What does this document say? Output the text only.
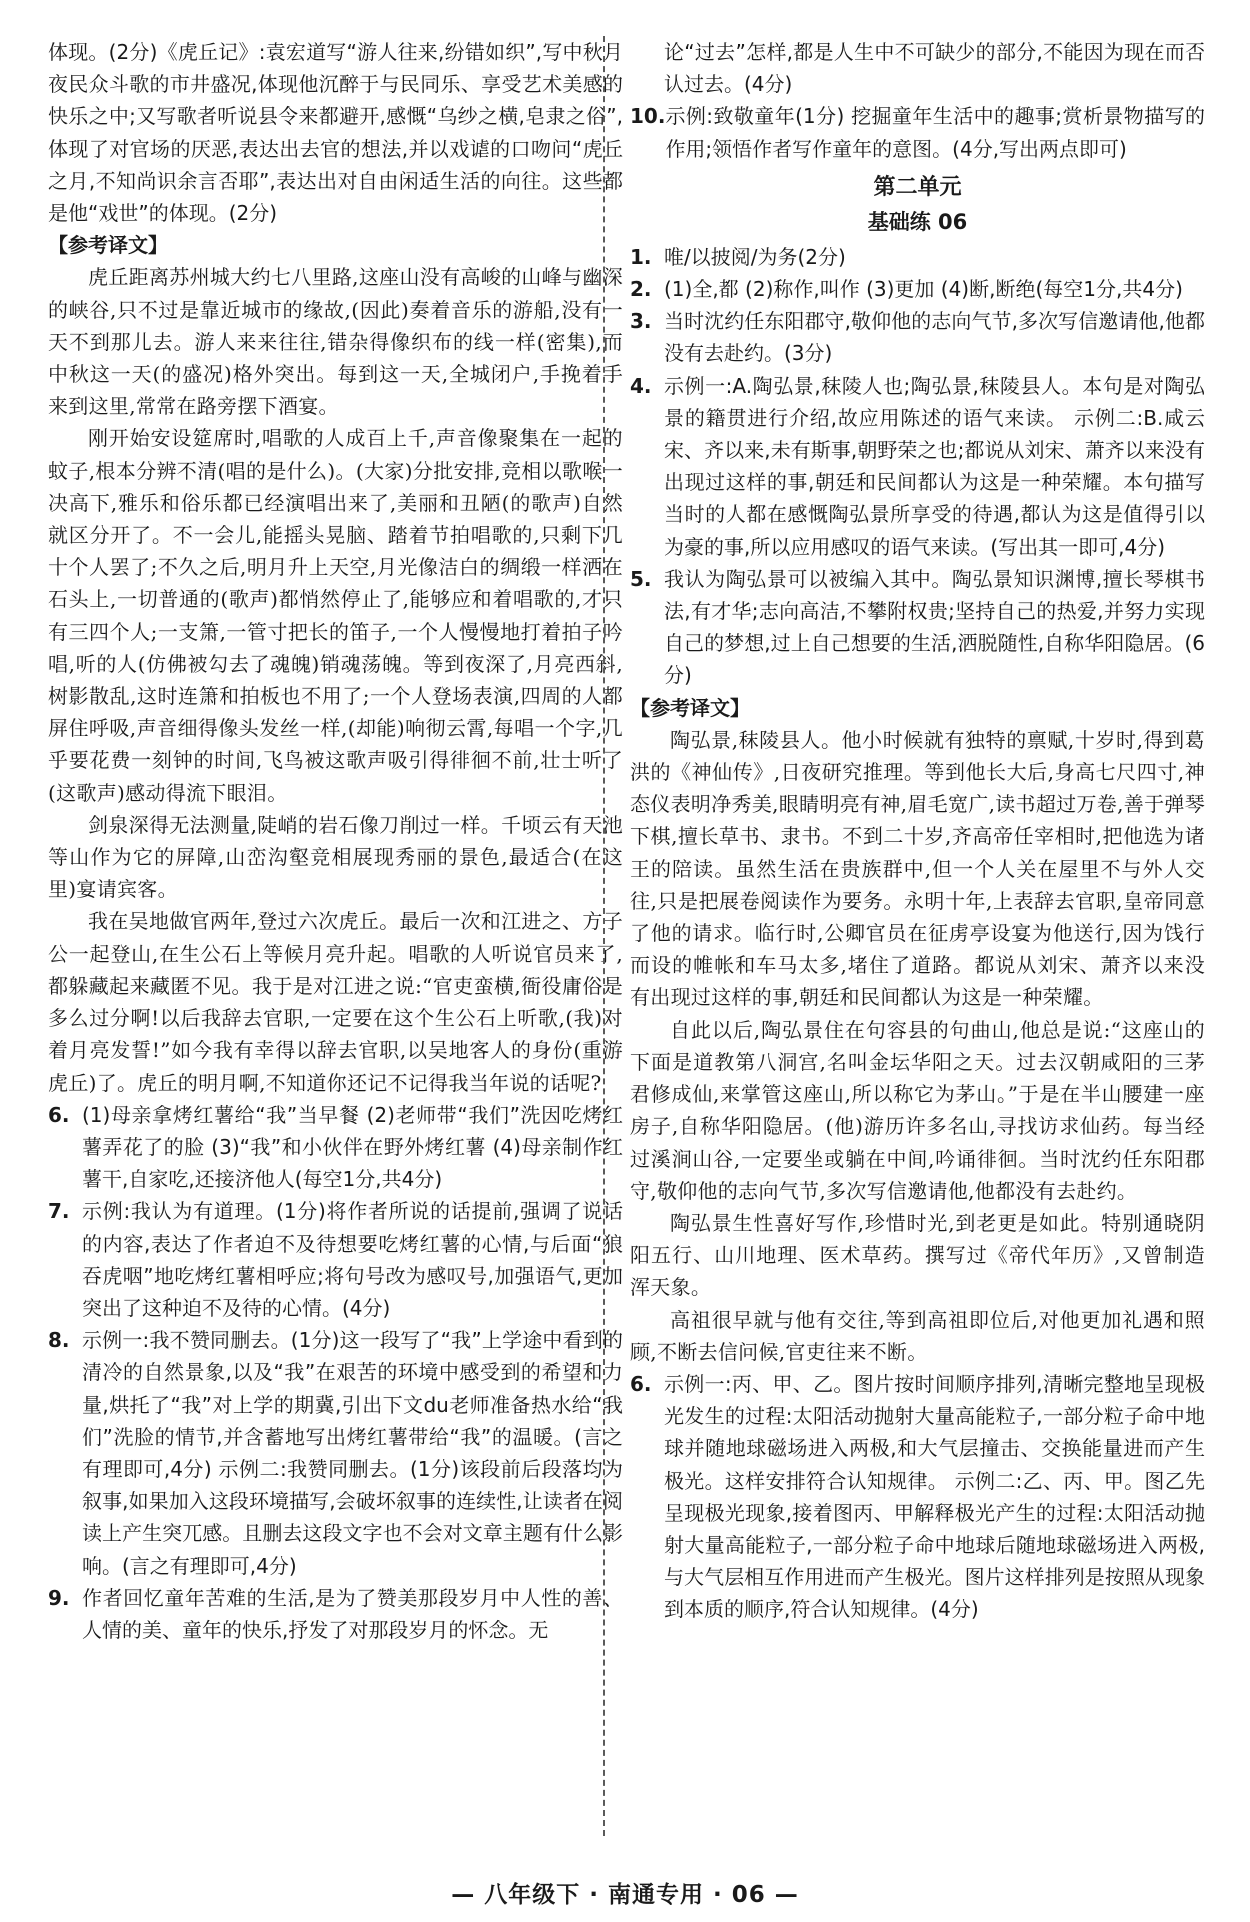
体现。(2分)《虎丘记》:袁宏道写“游人往来,纷错如织”,写中秋月夜民众斗歌的市井盛况,体现他沉醉于与民同乐、享受艺术美感的快乐之中;又写歌者听说县令来都避开,感慨“乌纱之横,皂隶之俗”,体现了对官场的厌恶,表达出去官的想法,并以戏谑的口吻问“虎丘之月,不知尚识余言否耶”,表达出对自由闲适生活的向往。这些都是他“戏世”的体现。(2分)

【参考译文】

虎丘距离苏州城大约七八里路,这座山没有高峻的山峰与幽深的峡谷,只不过是靠近城市的缘故,(因此)奏着音乐的游船,没有一天不到那儿去。游人来来往往,错杂得像织布的线一样(密集),而中秋这一天(的盛况)格外突出。每到这一天,全城闭户,手挽着手来到这里,常常在路旁摆下酒宴。

刚开始安设筵席时,唱歌的人成百上千,声音像聚集在一起的蚊子,根本分辨不清(唱的是什么)。(大家)分批安排,竞相以歌喉一决高下,雅乐和俗乐都已经演唱出来了,美丽和丑陋(的歌声)自然就区分开了。不一会儿,能摇头晃脑、踏着节拍唱歌的,只剩下几十个人罢了;不久之后,明月升上天空,月光像洁白的绸缎一样洒在石头上,一切普通的(歌声)都悄然停止了,能够应和着唱歌的,才只有三四个人;一支箫,一管寸把长的笛子,一个人慢慢地打着拍子吟唱,听的人(仿佛被勾去了魂魄)销魂荡魄。等到夜深了,月亮西斜,树影散乱,这时连箫和拍板也不用了;一个人登场表演,四周的人都屏住呼吸,声音细得像头发丝一样,(却能)响彻云霄,每唱一个字,几乎要花费一刻钟的时间,飞鸟被这歌声吸引得徘徊不前,壮士听了(这歌声)感动得流下眼泪。

剑泉深得无法测量,陡峭的岩石像刀削过一样。千顷云有天池等山作为它的屏障,山峦沟壑竞相展现秀丽的景色,最适合(在这里)宴请宾客。

我在吴地做官两年,登过六次虎丘。最后一次和江进之、方子公一起登山,在生公石上等候月亮升起。唱歌的人听说官员来了,都躲藏起来藏匿不见。我于是对江进之说:“官吏蛮横,衙役庸俗是多么过分啊!以后我辞去官职,一定要在这个生公石上听歌,(我)对着月亮发誓!”如今我有幸得以辞去官职,以吴地客人的身份(重游虎丘)了。虎丘的明月啊,不知道你还记不记得我当年说的话呢?

6. (1)母亲拿烤红薯给“我”当早餐 (2)老师带“我们”洗因吃烤红薯弄花了的脸 (3)“我”和小伙伴在野外烤红薯 (4)母亲制作红薯干,自家吃,还接济他人(每空1分,共4分)
7. 示例:我认为有道理。(1分)将作者所说的话提前,强调了说话的内容,表达了作者迫不及待想要吃烤红薯的心情,与后面“狼吞虎咽”地吃烤红薯相呼应;将句号改为感叹号,加强语气,更加突出了这种迫不及待的心情。(4分)
8. 示例一:我不赞同删去。(1分)这一段写了“我”上学途中看到的清冷的自然景象,以及“我”在艰苦的环境中感受到的希望和力量,烘托了“我”对上学的期冀,引出下文du老师准备热水给“我们”洗脸的情节,并含蓄地写出烤红薯带给“我”的温暖。(言之有理即可,4分) 示例二:我赞同删去。(1分)该段前后段落均为叙事,如果加入这段环境描写,会破坏叙事的连续性,让读者在阅读上产生突兀感。且删去这段文字也不会对文章主题有什么影响。(言之有理即可,4分)
9. 作者回忆童年苦难的生活,是为了赞美那段岁月中人性的善、人情的美、童年的快乐,抒发了对那段岁月的怀念。无

论“过去”怎样,都是人生中不可缺少的部分,不能因为现在而否认过去。(4分)

10. 示例:致敬童年(1分) 挖掘童年生活中的趣事;赏析景物描写的作用;领悟作者写作童年的意图。(4分,写出两点即可)

第二单元

基础练 06

1. 唯/以披阅/为务(2分)
2. (1)全,都 (2)称作,叫作 (3)更加 (4)断,断绝(每空1分,共4分)
3. 当时沈约任东阳郡守,敬仰他的志向气节,多次写信邀请他,他都没有去赴约。(3分)
4. 示例一:A.陶弘景,秣陵人也;陶弘景,秣陵县人。本句是对陶弘景的籍贯进行介绍,故应用陈述的语气来读。 示例二:B.咸云宋、齐以来,未有斯事,朝野荣之也;都说从刘宋、萧齐以来没有出现过这样的事,朝廷和民间都认为这是一种荣耀。本句描写当时的人都在感慨陶弘景所享受的待遇,都认为这是值得引以为豪的事,所以应用感叹的语气来读。(写出其一即可,4分)
5. 我认为陶弘景可以被编入其中。陶弘景知识渊博,擅长琴棋书法,有才华;志向高洁,不攀附权贵;坚持自己的热爱,并努力实现自己的梦想,过上自己想要的生活,洒脱随性,自称华阳隐居。(6分)

【参考译文】

陶弘景,秣陵县人。他小时候就有独特的禀赋,十岁时,得到葛洪的《神仙传》,日夜研究推理。等到他长大后,身高七尺四寸,神态仪表明净秀美,眼睛明亮有神,眉毛宽广,读书超过万卷,善于弹琴下棋,擅长草书、隶书。不到二十岁,齐高帝任宰相时,把他选为诸王的陪读。虽然生活在贵族群中,但一个人关在屋里不与外人交往,只是把展卷阅读作为要务。永明十年,上表辞去官职,皇帝同意了他的请求。临行时,公卿官员在征虏亭设宴为他送行,因为饯行而设的帷帐和车马太多,堵住了道路。都说从刘宋、萧齐以来没有出现过这样的事,朝廷和民间都认为这是一种荣耀。

自此以后,陶弘景住在句容县的句曲山,他总是说:“这座山的下面是道教第八洞宫,名叫金坛华阳之天。过去汉朝咸阳的三茅君修成仙,来掌管这座山,所以称它为茅山。”于是在半山腰建一座房子,自称华阳隐居。(他)游历许多名山,寻找访求仙药。每当经过溪涧山谷,一定要坐或躺在中间,吟诵徘徊。当时沈约任东阳郡守,敬仰他的志向气节,多次写信邀请他,他都没有去赴约。

陶弘景生性喜好写作,珍惜时光,到老更是如此。特别通晓阴阳五行、山川地理、医术草药。撰写过《帝代年历》,又曾制造浑天象。

高祖很早就与他有交往,等到高祖即位后,对他更加礼遇和照顾,不断去信问候,官吏往来不断。

6. 示例一:丙、甲、乙。图片按时间顺序排列,清晰完整地呈现极光发生的过程:太阳活动抛射大量高能粒子,一部分粒子命中地球并随地球磁场进入两极,和大气层撞击、交换能量进而产生极光。这样安排符合认知规律。 示例二:乙、丙、甲。图乙先呈现极光现象,接着图丙、甲解释极光产生的过程:太阳活动抛射大量高能粒子,一部分粒子命中地球后随地球磁场进入两极,与大气层相互作用进而产生极光。图片这样排列是按照从现象到本质的顺序,符合认知规律。(4分)
— 八年级下 · 南通专用 · 06 —
